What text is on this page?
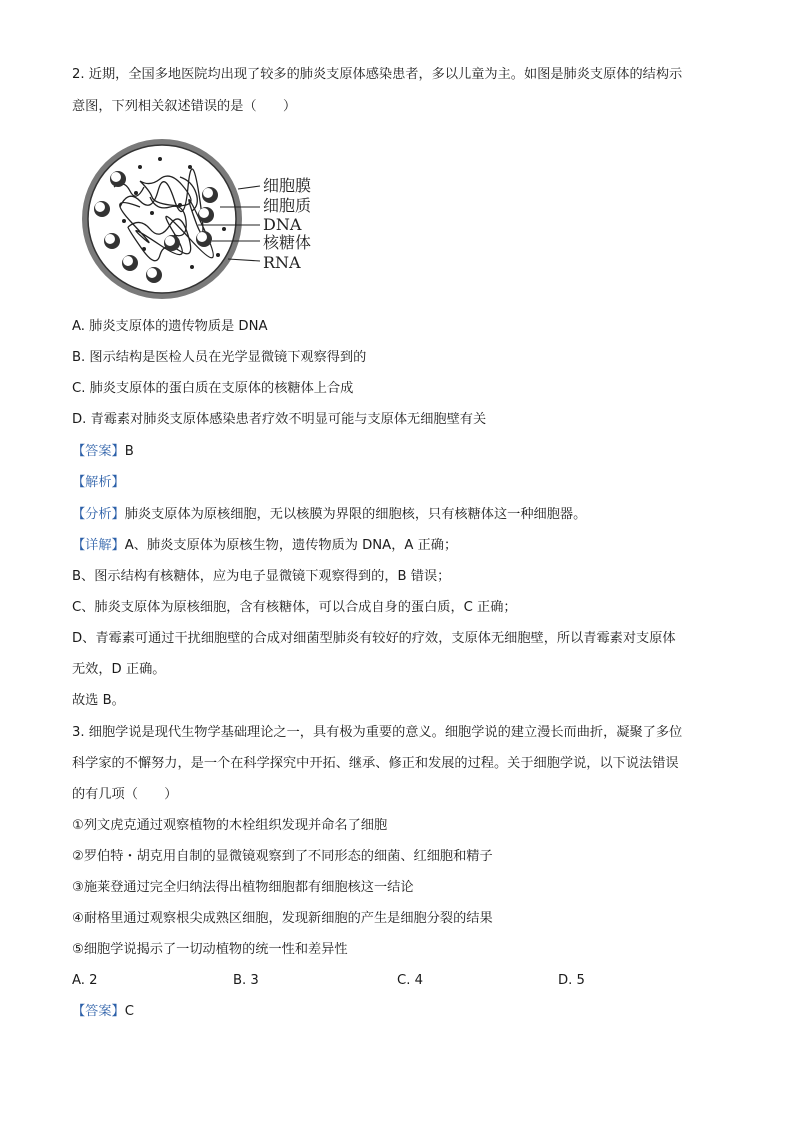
2. 近期，全国多地医院均出现了较多的肺炎支原体感染患者，多以儿童为主。如图是肺炎支原体的结构示
意图，下列相关叙述错误的是（　　）
细胞膜
细胞质
DNA
核糖体
RNA
A. 肺炎支原体的遗传物质是 DNA
B. 图示结构是医检人员在光学显微镜下观察得到的
C. 肺炎支原体的蛋白质在支原体的核糖体上合成
D. 青霉素对肺炎支原体感染患者疗效不明显可能与支原体无细胞壁有关
【答案】B
【解析】
【分析】肺炎支原体为原核细胞，无以核膜为界限的细胞核，只有核糖体这一种细胞器。
【详解】A、肺炎支原体为原核生物，遗传物质为 DNA，A 正确；
B、图示结构有核糖体，应为电子显微镜下观察得到的，B 错误；
C、肺炎支原体为原核细胞，含有核糖体，可以合成自身的蛋白质，C 正确；
D、青霉素可通过干扰细胞壁的合成对细菌型肺炎有较好的疗效，支原体无细胞壁，所以青霉素对支原体
无效，D 正确。
故选 B。
3. 细胞学说是现代生物学基础理论之一，具有极为重要的意义。细胞学说的建立漫长而曲折，凝聚了多位
科学家的不懈努力，是一个在科学探究中开拓、继承、修正和发展的过程。关于细胞学说，以下说法错误
的有几项（　　）
①列文虎克通过观察植物的木栓组织发现并命名了细胞
②罗伯特・胡克用自制的显微镜观察到了不同形态的细菌、红细胞和精子
③施莱登通过完全归纳法得出植物细胞都有细胞核这一结论
④耐格里通过观察根尖成熟区细胞，发现新细胞的产生是细胞分裂的结果
⑤细胞学说揭示了一切动植物的统一性和差异性
A. 2	B. 3	C. 4	D. 5
【答案】C
